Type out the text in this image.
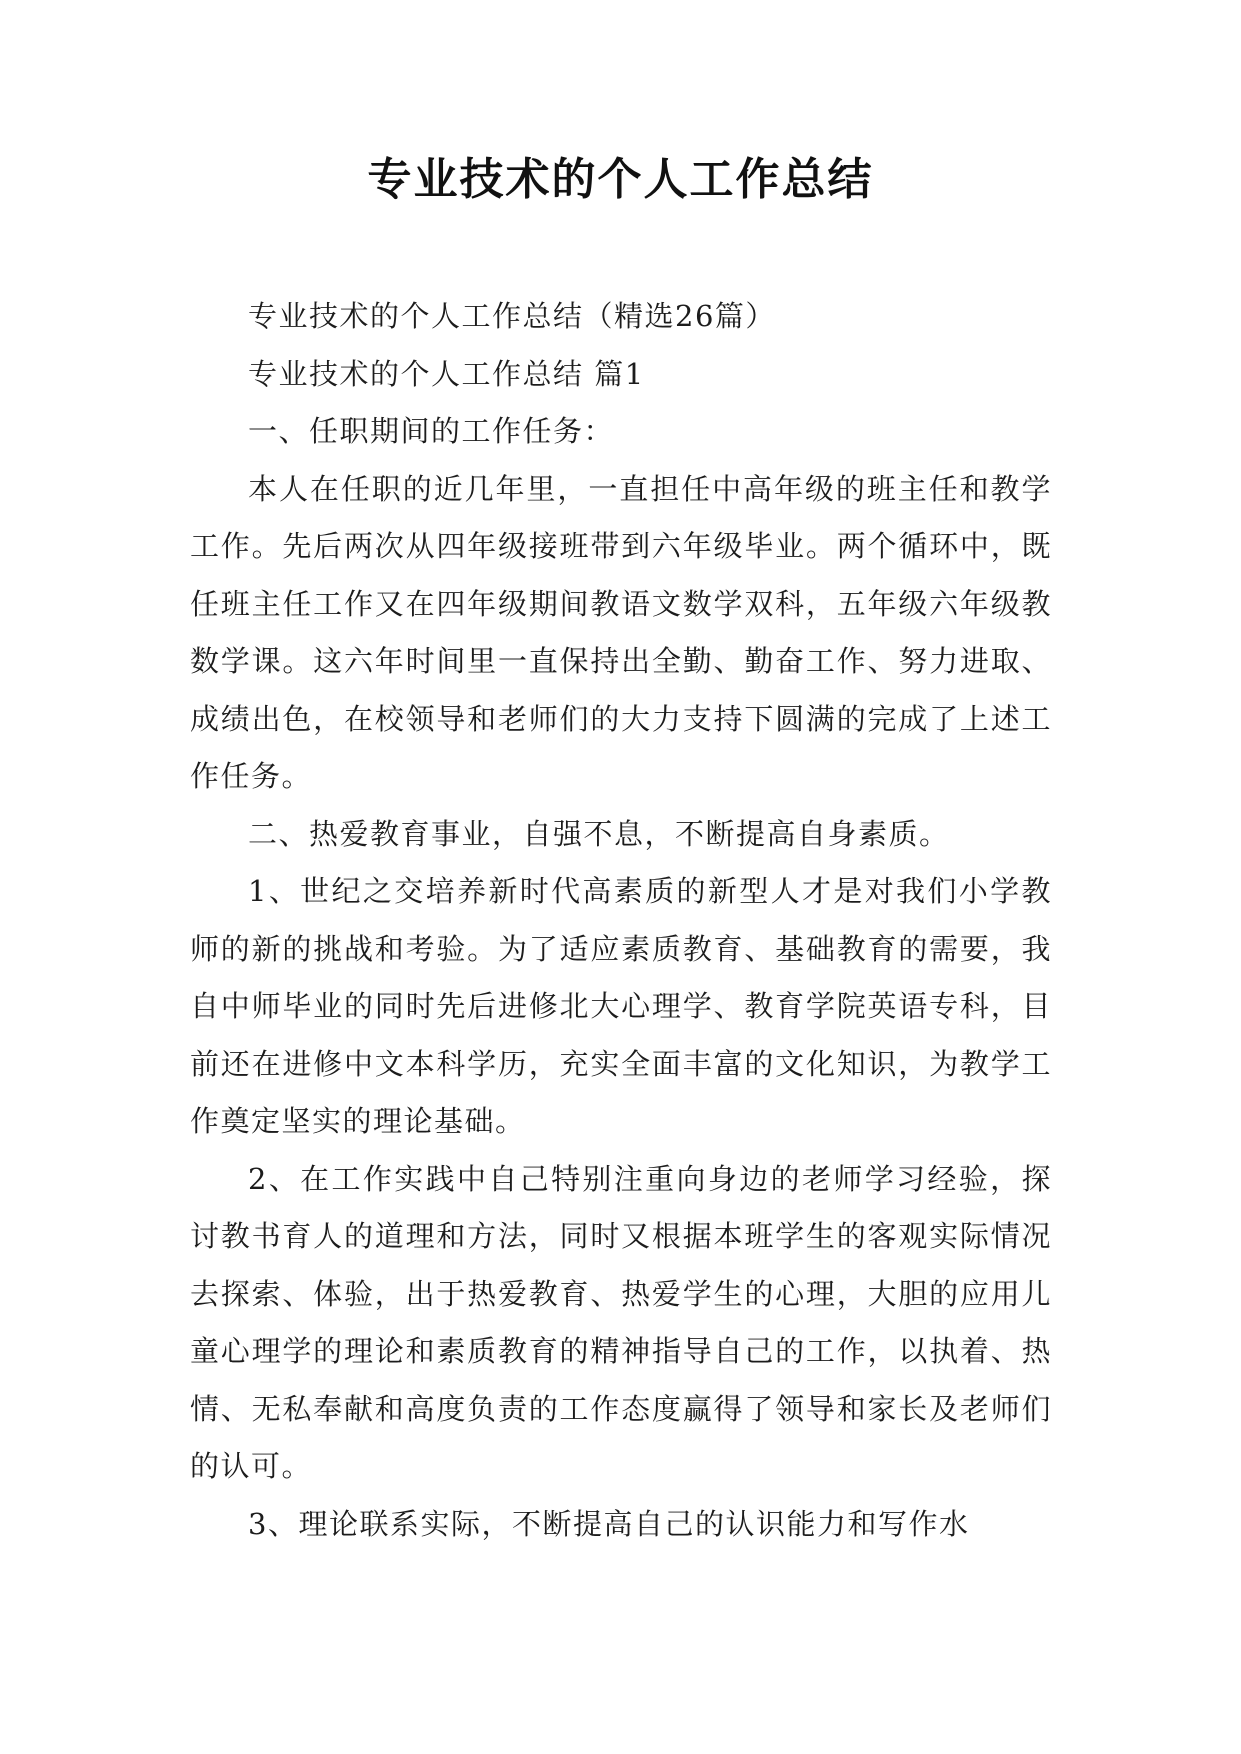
专业技术的个人工作总结

专业技术的个人工作总结（精选26篇）

专业技术的个人工作总结 篇1

一、任职期间的工作任务：

本人在任职的近几年里，一直担任中高年级的班主任和教学工作。先后两次从四年级接班带到六年级毕业。两个循环中，既任班主任工作又在四年级期间教语文数学双科，五年级六年级教数学课。这六年时间里一直保持出全勤、勤奋工作、努力进取、成绩出色，在校领导和老师们的大力支持下圆满的完成了上述工作任务。

二、热爱教育事业，自强不息，不断提高自身素质。

1、世纪之交培养新时代高素质的新型人才是对我们小学教师的新的挑战和考验。为了适应素质教育、基础教育的需要，我自中师毕业的同时先后进修北大心理学、教育学院英语专科，目前还在进修中文本科学历，充实全面丰富的文化知识，为教学工作奠定坚实的理论基础。

2、在工作实践中自己特别注重向身边的老师学习经验，探讨教书育人的道理和方法，同时又根据本班学生的客观实际情况去探索、体验，出于热爱教育、热爱学生的心理，大胆的应用儿童心理学的理论和素质教育的精神指导自己的工作，以执着、热情、无私奉献和高度负责的工作态度赢得了领导和家长及老师们的认可。

3、理论联系实际，不断提高自己的认识能力和写作水
